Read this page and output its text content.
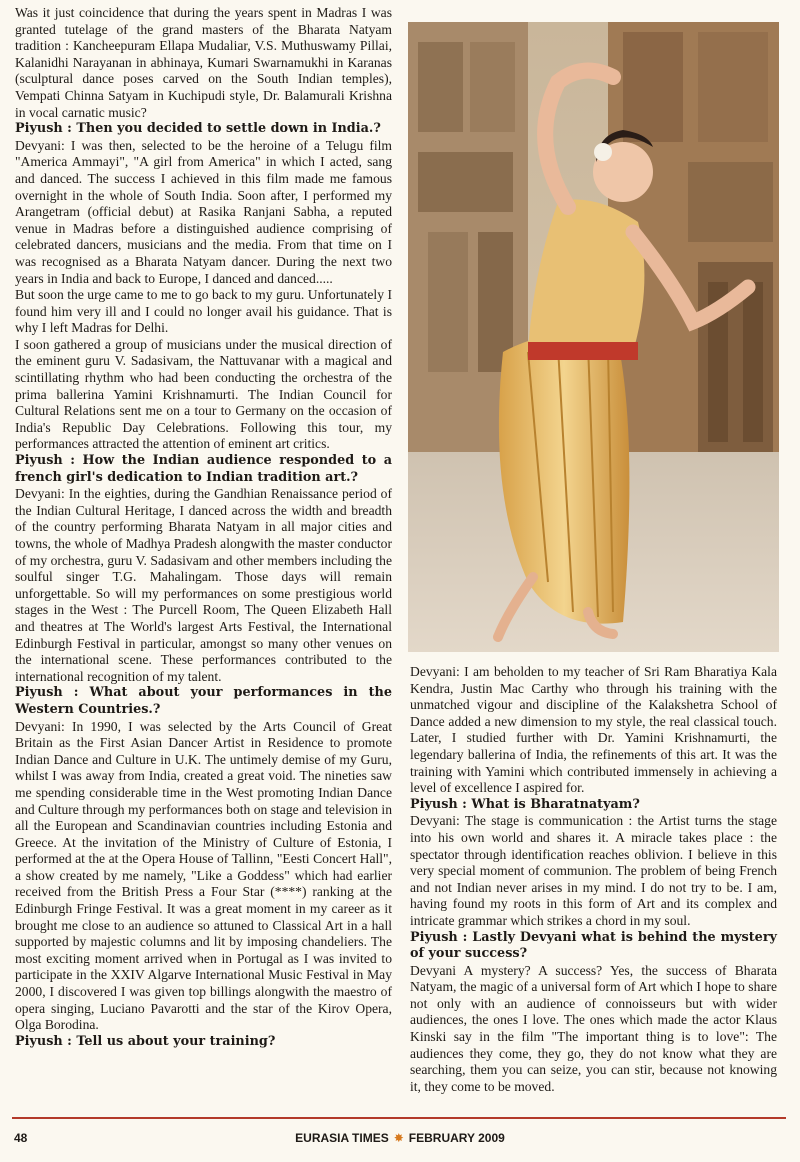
Was it just coincidence that during the years spent in Madras I was granted tutelage of the grand masters of the Bharata Natyam tradition : Kancheepuram Ellapa Mudaliar, V.S. Muthuswamy Pillai, Kalanidhi Narayanan in abhinaya, Kumari Swarnamukhi in Karanas (sculptural dance poses carved on the South Indian temples), Vempati Chinna Satyam in Kuchipudi style, Dr. Balamurali Krishna in vocal carnatic music?

Piyush : Then you decided to settle down in India.?

Devyani: I was then, selected to be the heroine of a Telugu film "America Ammayi", "A girl from America" in which I acted, sang and danced. The success I achieved in this film made me famous overnight in the whole of South India. Soon after, I performed my Arangetram (official debut) at Rasika Ranjani Sabha, a reputed venue in Madras before a distinguished audience comprising of celebrated dancers, musicians and the media. From that time on I was recognised as a Bharata Natyam dancer. During the next two years in India and back to Europe, I danced and danced.....

But soon the urge came to me to go back to my guru. Unfortunately I found him very ill and I could no longer avail his guidance. That is why I left Madras for Delhi.

I soon gathered a group of musicians under the musical direction of the eminent guru V. Sadasivam, the Nattuvanar with a magical and scintillating rhythm who had been conducting the orchestra of the prima ballerina Yamini Krishnamurti. The Indian Council for Cultural Relations sent me on a tour to Germany on the occasion of India's Republic Day Celebrations. Following this tour, my performances attracted the attention of eminent art critics.

Piyush : How the Indian audience responded to a french girl's dedication to Indian tradition art.?

Devyani: In the eighties, during the Gandhian Renaissance period of the Indian Cultural Heritage, I danced across the width and breadth of the country performing Bharata Natyam in all major cities and towns, the whole of Madhya Pradesh alongwith the master conductor of my orchestra, guru V. Sadasivam and other members including the soulful singer T.G. Mahalingam. Those days will remain unforgettable. So will my performances on some prestigious world stages in the West : The Purcell Room, The Queen Elizabeth Hall and theatres at The World's largest Arts Festival, the International Edinburgh Festival in particular, amongst so many other venues on the international scene. These performances contributed to the international recognition of my talent.

Piyush : What about your performances in the Western Countries.?

Devyani: In 1990, I was selected by the Arts Council of Great Britain as the First Asian Dancer Artist in Residence to promote Indian Dance and Culture in U.K. The untimely demise of my Guru, whilst I was away from India, created a great void. The nineties saw me spending considerable time in the West promoting Indian Dance and Culture through my performances both on stage and television in all the European and Scandinavian countries including Estonia and Greece. At the invitation of the Ministry of Culture of Estonia, I performed at the at the Opera House of Tallinn, "Eesti Concert Hall", a show created by me namely, "Like a Goddess" which had earlier received from the British Press a Four Star (****) ranking at the Edinburgh Fringe Festival. It was a great moment in my career as it brought me close to an audience so attuned to Classical Art in a hall supported by majestic columns and lit by imposing chandeliers. The most exciting moment arrived when in Portugal as I was invited to participate in the XXIV Algarve International Music Festival in May 2000, I discovered I was given top billings alongwith the maestro of opera singing, Luciano Pavarotti and the star of the Kirov Opera, Olga Borodina.

Piyush : Tell us about your training?

Devyani: I am beholden to my teacher of Sri Ram Bharatiya Kala Kendra, Justin Mac Carthy who through his training with the unmatched vigour and discipline of the Kalakshetra School of Dance added a new dimension to my style, the real classical touch. Later, I studied further with Dr. Yamini Krishnamurti, the legendary ballerina of India, the refinements of this art. It was the training with Yamini which contributed immensely in achieving a level of excellence I aspired for.

Piyush : What is Bharatnatyam?

Devyani: The stage is communication : the Artist turns the stage into his own world and shares it. A miracle takes place : the spectator through identification reaches oblivion. I believe in this very special moment of communion. The problem of being French and not Indian never arises in my mind. I do not try to be. I am, having found my roots in this form of Art and its complex and intricate grammar which strikes a chord in my soul.

Piyush : Lastly Devyani what is behind the mystery of your success?

Devyani A mystery? A success? Yes, the success of Bharata Natyam, the magic of a universal form of Art which I hope to share not only with an audience of connoisseurs but with wider audiences, the ones I love. The ones which made the actor Klaus Kinski say in the film "The important thing is to love": The audiences they come, they go, they do not know what they are searching, them you can seize, you can stir, because not knowing it, they come to be moved.

48	EURASIA TIMES ✸ FEBRUARY 2009
